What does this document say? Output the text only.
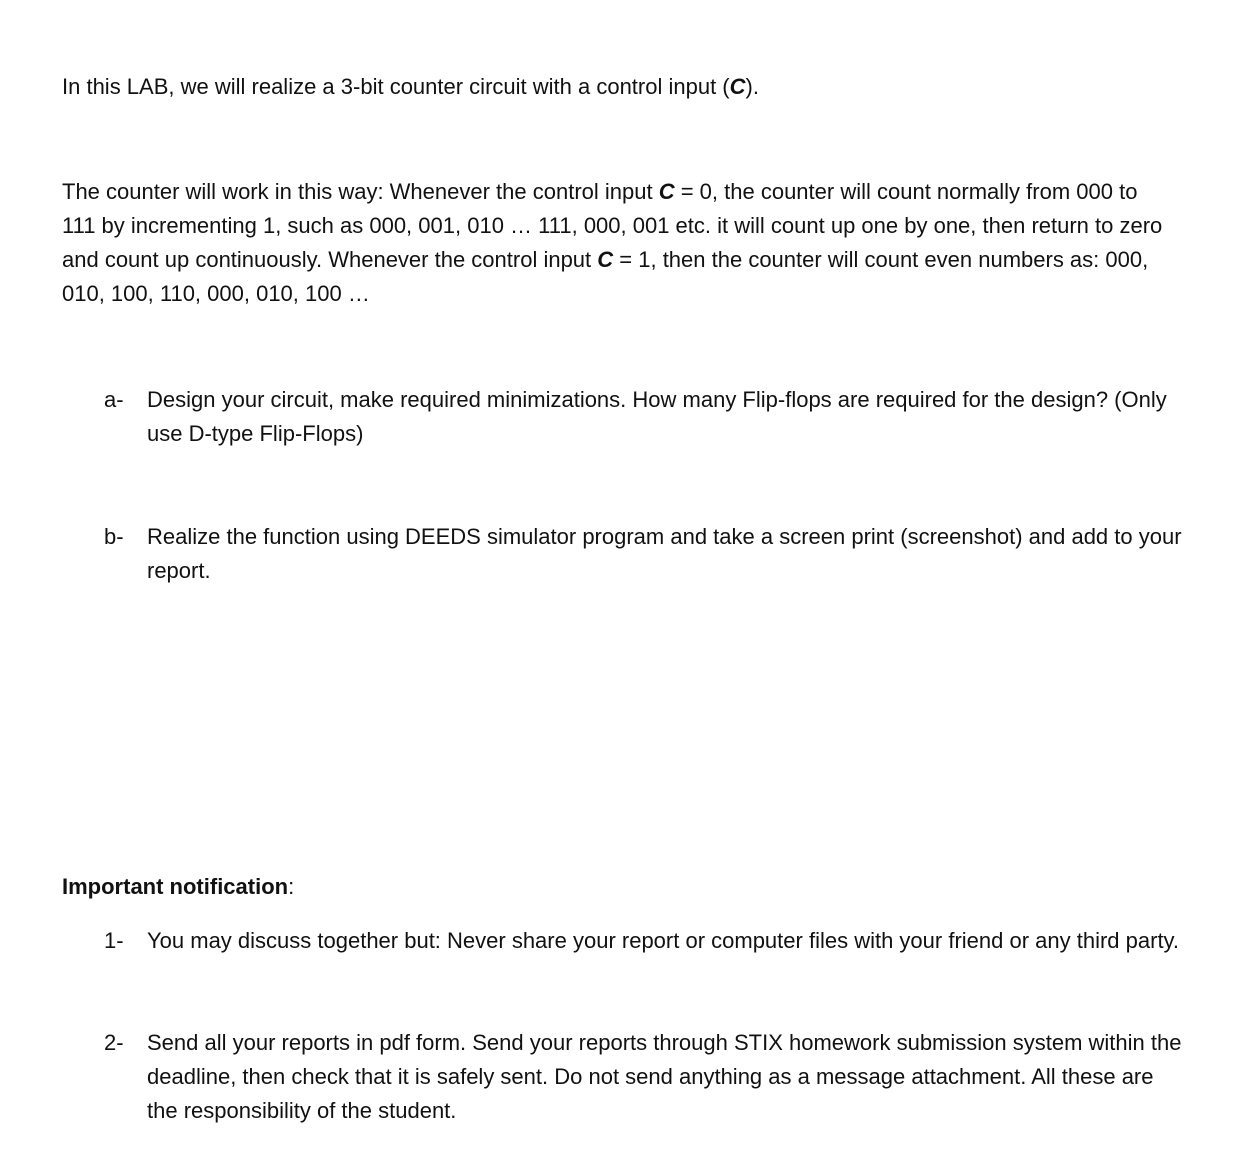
In this LAB, we will realize a 3-bit counter circuit with a control input (C).

The counter will work in this way: Whenever the control input C = 0, the counter will count normally from 000 to 111 by incrementing 1, such as 000, 001, 010 … 111, 000, 001 etc. it will count up one by one, then return to zero and count up continuously. Whenever the control input C = 1, then the counter will count even numbers as: 000, 010, 100, 110, 000, 010, 100 …

a-	Design your circuit, make required minimizations. How many Flip-flops are required for the design? (Only use D-type Flip-Flops)
b-	Realize the function using DEEDS simulator program and take a screen print (screenshot) and add to your report.

Important notification:

1-	You may discuss together but: Never share your report or computer files with your friend or any third party.
2-	Send all your reports in pdf form. Send your reports through STIX homework submission system within the deadline, then check that it is safely sent. Do not send anything as a message attachment. All these are the responsibility of the student.
